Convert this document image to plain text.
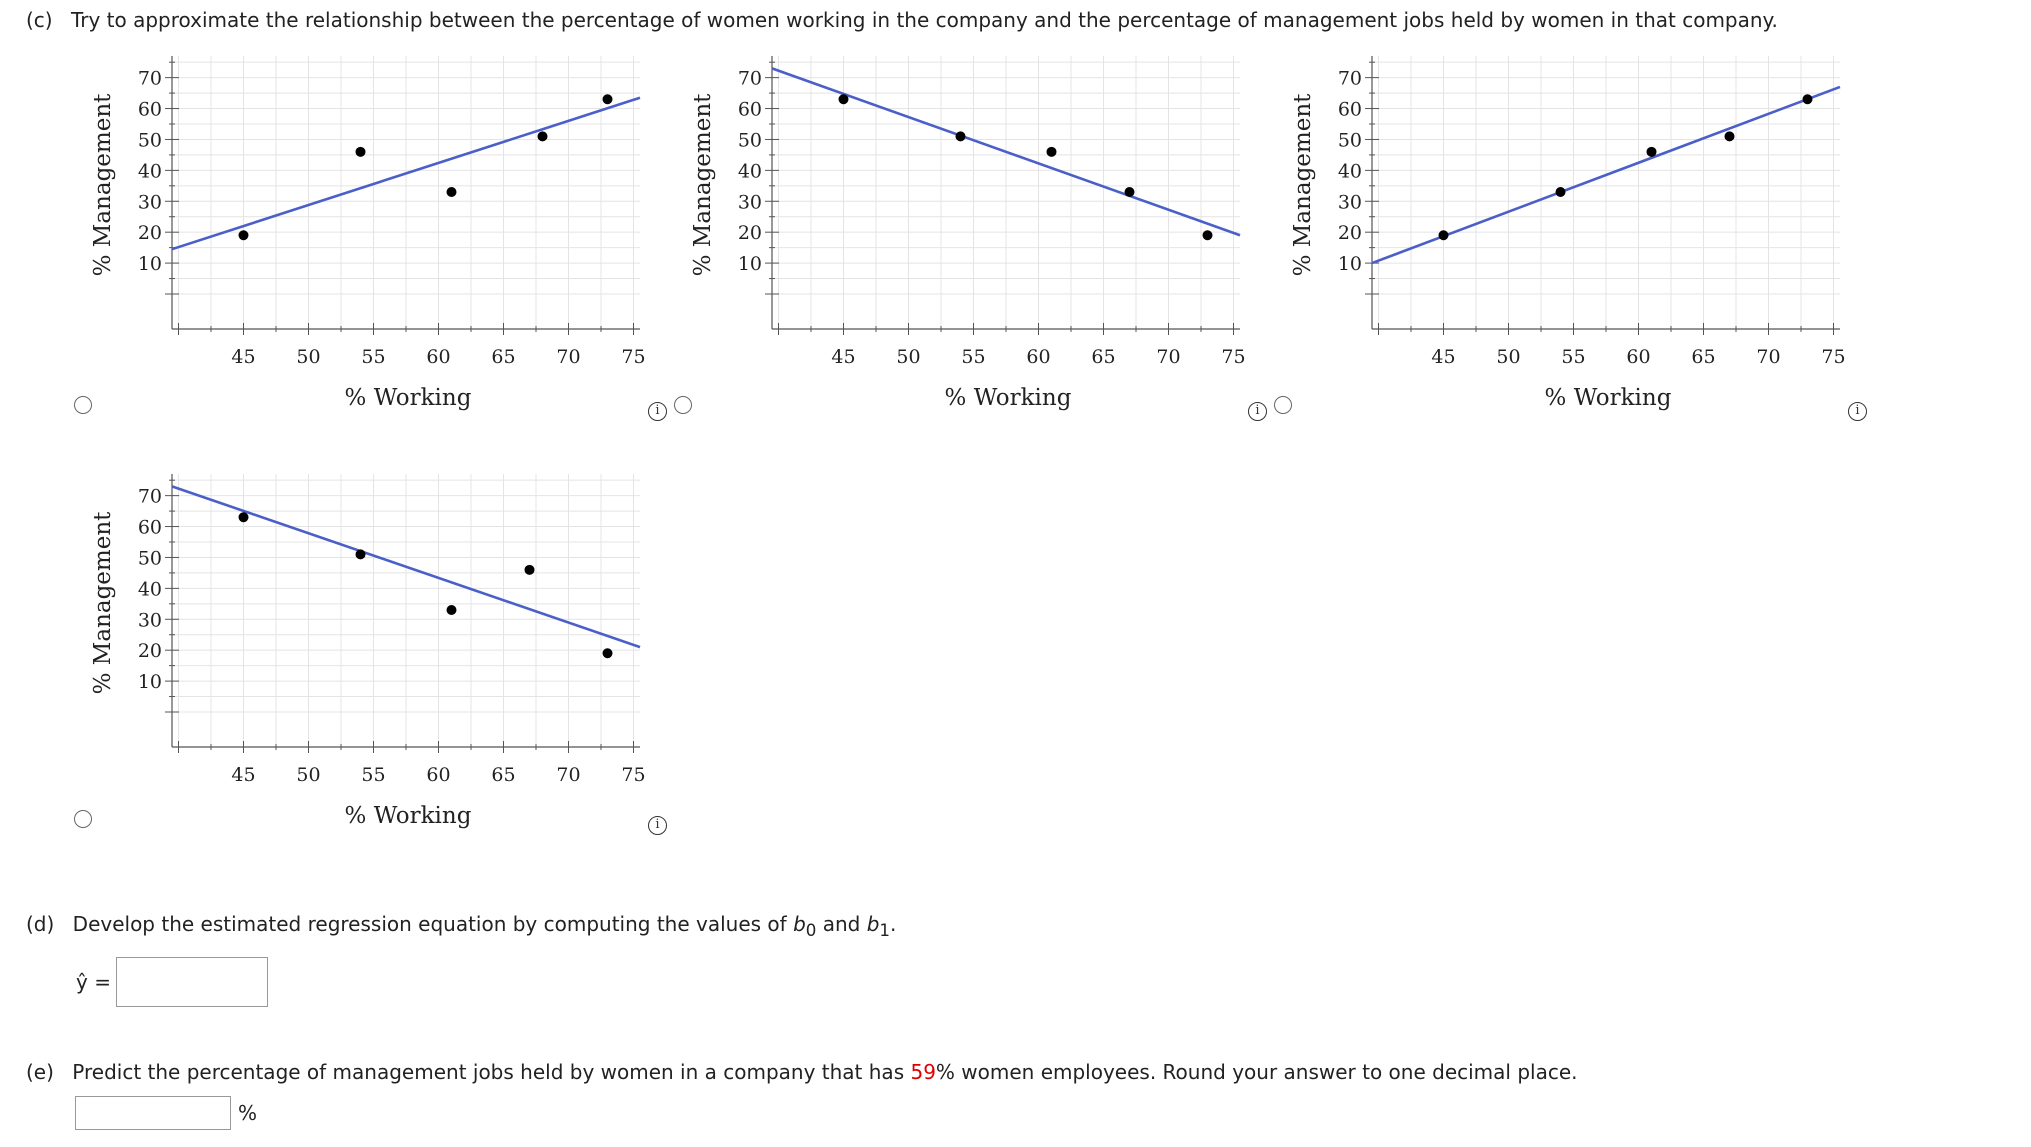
(c) Try to approximate the relationship between the percentage of women working in the company and the percentage of management jobs held by women in that company.
45 50 55 60 65 70 75
10
20
30
40
50
60
70
% Working
% Management
45 50 55 60 65 70 75
10
20
30
40
50
60
70
% Working
% Management
45 50 55 60 65 70 75
10
20
30
40
50
60
70
% Working
% Management
45 50 55 60 65 70 75
10
20
30
40
50
60
70
% Working
% Management
i	i	i
i
(d) Develop the estimated regression equation by computing the values of $b_0$ and $b_1$.
ŷ =
(e) Predict the percentage of management jobs held by women in a company that has 59% women employees. Round your answer to one decimal place.
%
